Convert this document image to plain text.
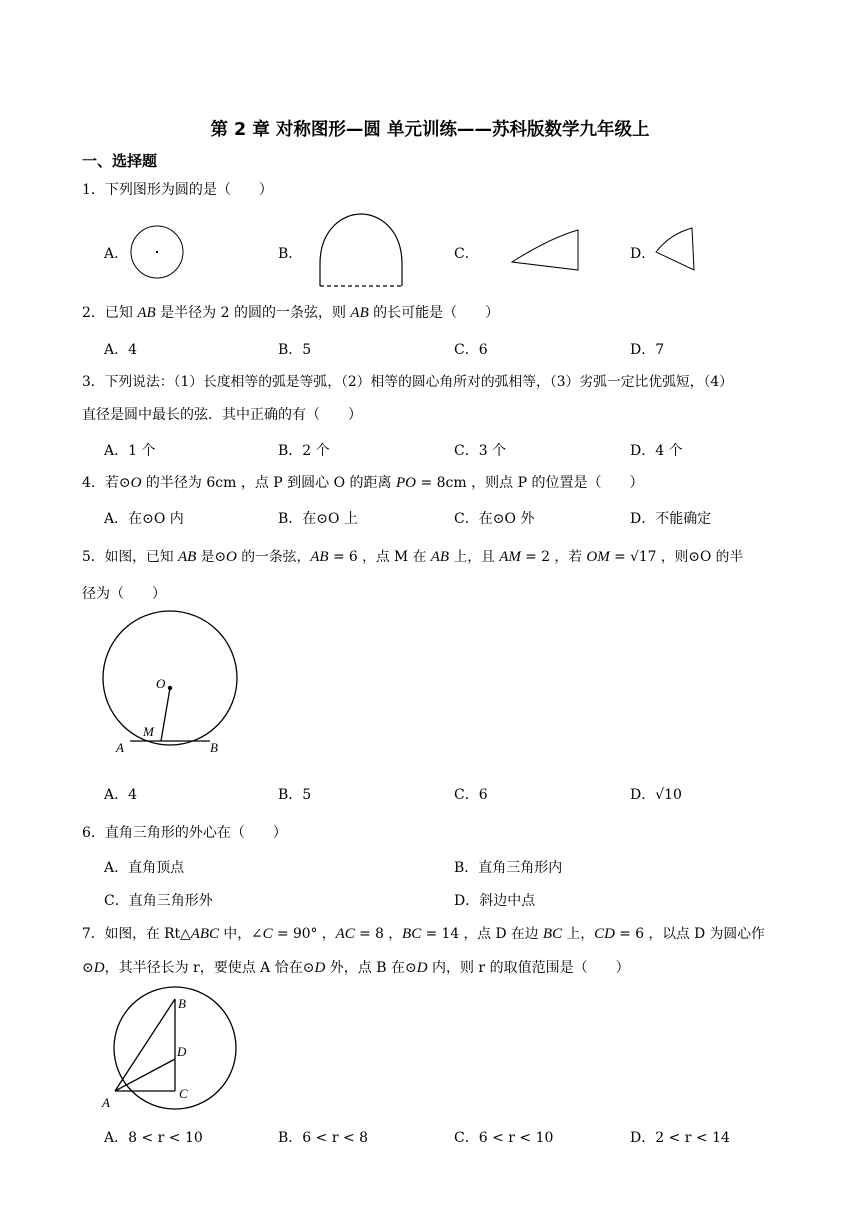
第 2 章 对称图形—圆 单元训练——苏科版数学九年级上
一、选择题
1．下列图形为圆的是（　　）
A．	B．	C．	D．
2．已知 AB 是半径为 2 的圆的一条弦，则 AB 的长可能是（　　）
A．4	B．5	C．6	D．7
3．下列说法：（1）长度相等的弧是等弧，（2）相等的圆心角所对的弧相等，（3）劣弧一定比优弧短，（4）
直径是圆中最长的弦．其中正确的有（　　）
A．1 个	B．2 个	C．3 个	D．4 个
4．若⊙O 的半径为 6cm ，点 P 到圆心 O 的距离 PO = 8cm ，则点 P 的位置是（　　）
A．在⊙O 内	B．在⊙O 上	C．在⊙O 外	D．不能确定
5．如图，已知 AB 是⊙O 的一条弦，AB = 6 ，点 M 在 AB 上，且 AM = 2 ，若 OM = √17 ，则⊙O 的半
径为（　　）
O
M
A	B
A．4	B．5	C．6	D．√10
6．直角三角形的外心在（　　）
A．直角顶点	B．直角三角形内
C．直角三角形外	D．斜边中点
7．如图，在 Rt△ABC 中，∠C = 90° ，AC = 8 ，BC = 14 ，点 D 在边 BC 上，CD = 6 ，以点 D 为圆心作
⊙D，其半径长为 r，要使点 A 恰在⊙D 外，点 B 在⊙D 内，则 r 的取值范围是（　　）
B
D
C
A
A．8 < r < 10	B．6 < r < 8	C．6 < r < 10	D．2 < r < 14
